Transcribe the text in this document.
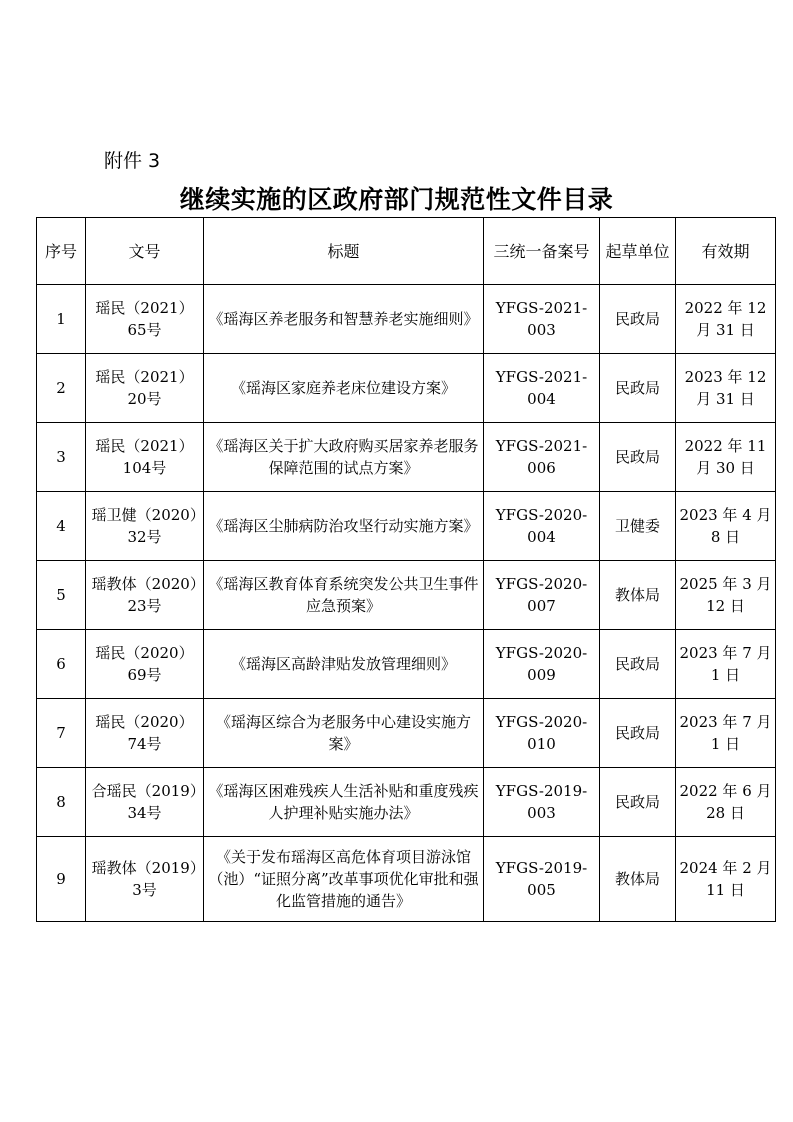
附件 3
继续实施的区政府部门规范性文件目录
序号	文号	标题	三统一备案号	起草单位	有效期
1	瑶民（2021）65号	《瑶海区养老服务和智慧养老实施细则》	YFGS-2021-003	民政局	2022 年 12 月 31 日
2	瑶民（2021）20号	《瑶海区家庭养老床位建设方案》	YFGS-2021-004	民政局	2023 年 12 月 31 日
3	瑶民（2021）104号	《瑶海区关于扩大政府购买居家养老服务保障范围的试点方案》	YFGS-2021-006	民政局	2022 年 11 月 30 日
4	瑶卫健（2020）32号	《瑶海区尘肺病防治攻坚行动实施方案》	YFGS-2020-004	卫健委	2023 年 4 月 8 日
5	瑶教体（2020）23号	《瑶海区教育体育系统突发公共卫生事件应急预案》	YFGS-2020-007	教体局	2025 年 3 月 12 日
6	瑶民（2020）69号	《瑶海区高龄津贴发放管理细则》	YFGS-2020-009	民政局	2023 年 7 月 1 日
7	瑶民（2020）74号	《瑶海区综合为老服务中心建设实施方案》	YFGS-2020-010	民政局	2023 年 7 月 1 日
8	合瑶民（2019）34号	《瑶海区困难残疾人生活补贴和重度残疾人护理补贴实施办法》	YFGS-2019-003	民政局	2022 年 6 月 28 日
9	瑶教体（2019）3号	《关于发布瑶海区高危体育项目游泳馆（池）“证照分离”改革事项优化审批和强化监管措施的通告》	YFGS-2019-005	教体局	2024 年 2 月 11 日
